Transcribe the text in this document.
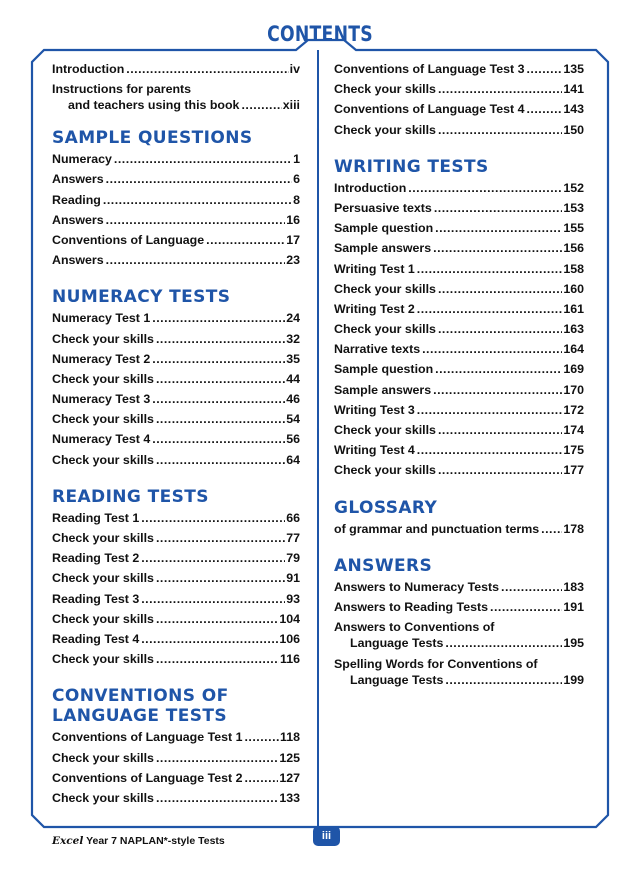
CONTENTS
Introduction .....	iv
Instructions for parents
and teachers using this book .....	xiii
SAMPLE QUESTIONS
Numeracy .....	1
Answers .....	6
Reading .....	8
Answers .....	16
Conventions of Language .....	17
Answers .....	23
NUMERACY TESTS
Numeracy Test 1 .....	24
Check your skills .....	32
Numeracy Test 2 .....	35
Check your skills .....	44
Numeracy Test 3 .....	46
Check your skills .....	54
Numeracy Test 4 .....	56
Check your skills .....	64
READING TESTS
Reading Test 1 .....	66
Check your skills .....	77
Reading Test 2 .....	79
Check your skills .....	91
Reading Test 3 .....	93
Check your skills .....	104
Reading Test 4 .....	106
Check your skills .....	116
CONVENTIONS OF LANGUAGE TESTS
Conventions of Language Test 1 .....	118
Check your skills .....	125
Conventions of Language Test 2 .....	127
Check your skills .....	133
Conventions of Language Test 3 .....	135
Check your skills .....	141
Conventions of Language Test 4 .....	143
Check your skills .....	150
WRITING TESTS
Introduction .....	152
Persuasive texts .....	153
Sample question .....	155
Sample answers .....	156
Writing Test 1 .....	158
Check your skills .....	160
Writing Test 2 .....	161
Check your skills .....	163
Narrative texts .....	164
Sample question .....	169
Sample answers .....	170
Writing Test 3 .....	172
Check your skills .....	174
Writing Test 4 .....	175
Check your skills .....	177
GLOSSARY
of grammar and punctuation terms ..... 178
ANSWERS
Answers to Numeracy Tests .....	183
Answers to Reading Tests .....	191
Answers to Conventions of
Language Tests .....	195
Spelling Words for Conventions of
Language Tests .....	199
iii
Excel Year 7 NAPLAN*-style Tests
